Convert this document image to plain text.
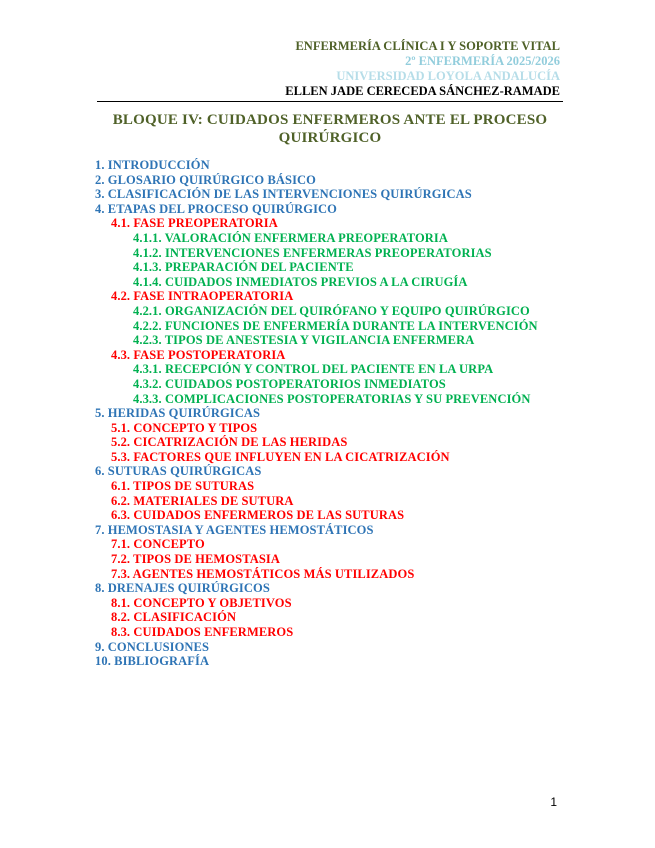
ENFERMERÍA CLÍNICA I Y SOPORTE VITAL
2º ENFERMERÍA 2025/2026
UNIVERSIDAD LOYOLA ANDALUCÍA
ELLEN JADE CERECEDA SÁNCHEZ-RAMADE
BLOQUE IV: CUIDADOS ENFERMEROS ANTE EL PROCESO QUIRÚRGICO
1. INTRODUCCIÓN
2. GLOSARIO QUIRÚRGICO BÁSICO
3. CLASIFICACIÓN DE LAS INTERVENCIONES QUIRÚRGICAS
4. ETAPAS DEL PROCESO QUIRÚRGICO
4.1. FASE PREOPERATORIA
4.1.1. VALORACIÓN ENFERMERA PREOPERATORIA
4.1.2. INTERVENCIONES ENFERMERAS PREOPERATORIAS
4.1.3. PREPARACIÓN DEL PACIENTE
4.1.4. CUIDADOS INMEDIATOS PREVIOS A LA CIRUGÍA
4.2. FASE INTRAOPERATORIA
4.2.1. ORGANIZACIÓN DEL QUIRÓFANO Y EQUIPO QUIRÚRGICO
4.2.2. FUNCIONES DE ENFERMERÍA DURANTE LA INTERVENCIÓN
4.2.3. TIPOS DE ANESTESIA Y VIGILANCIA ENFERMERA
4.3. FASE POSTOPERATORIA
4.3.1. RECEPCIÓN Y CONTROL DEL PACIENTE EN LA URPA
4.3.2. CUIDADOS POSTOPERATORIOS INMEDIATOS
4.3.3. COMPLICACIONES POSTOPERATORIAS Y SU PREVENCIÓN
5. HERIDAS QUIRÚRGICAS
5.1. CONCEPTO Y TIPOS
5.2. CICATRIZACIÓN DE LAS HERIDAS
5.3. FACTORES QUE INFLUYEN EN LA CICATRIZACIÓN
6. SUTURAS QUIRÚRGICAS
6.1. TIPOS DE SUTURAS
6.2. MATERIALES DE SUTURA
6.3. CUIDADOS ENFERMEROS DE LAS SUTURAS
7. HEMOSTASIA Y AGENTES HEMOSTÁTICOS
7.1. CONCEPTO
7.2. TIPOS DE HEMOSTASIA
7.3. AGENTES HEMOSTÁTICOS MÁS UTILIZADOS
8. DRENAJES QUIRÚRGICOS
8.1. CONCEPTO Y OBJETIVOS
8.2. CLASIFICACIÓN
8.3. CUIDADOS ENFERMEROS
9. CONCLUSIONES
10. BIBLIOGRAFÍA
1
